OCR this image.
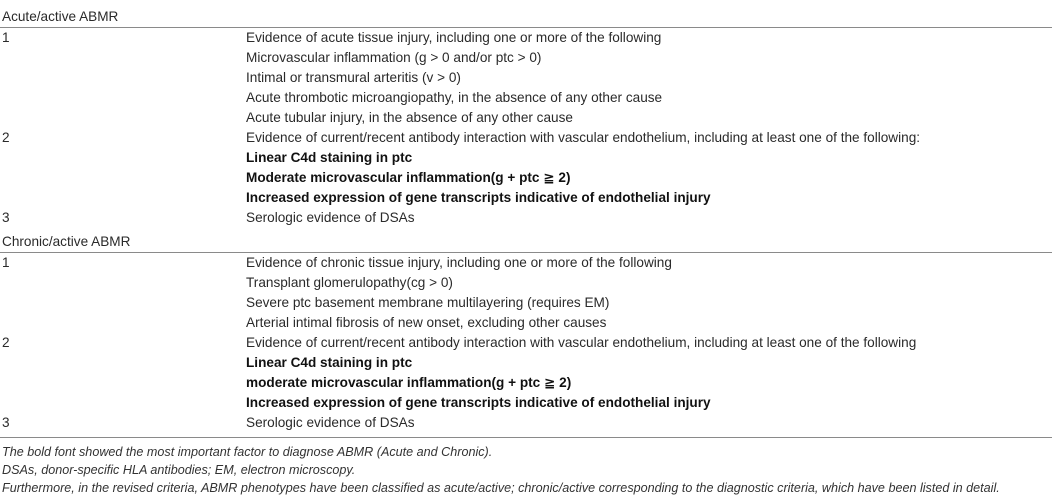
Acute/active ABMR
1	Evidence of acute tissue injury, including one or more of the following
Microvascular inflammation (g > 0 and/or ptc > 0)
Intimal or transmural arteritis (v > 0)
Acute thrombotic microangiopathy, in the absence of any other cause
Acute tubular injury, in the absence of any other cause
2	Evidence of current/recent antibody interaction with vascular endothelium, including at least one of the following:
Linear C4d staining in ptc
Moderate microvascular inflammation(g + ptc ≧ 2)
Increased expression of gene transcripts indicative of endothelial injury
3	Serologic evidence of DSAs
Chronic/active ABMR
1	Evidence of chronic tissue injury, including one or more of the following
Transplant glomerulopathy(cg > 0)
Severe ptc basement membrane multilayering (requires EM)
Arterial intimal fibrosis of new onset, excluding other causes
2	Evidence of current/recent antibody interaction with vascular endothelium, including at least one of the following
Linear C4d staining in ptc
moderate microvascular inflammation(g + ptc ≧ 2)
Increased expression of gene transcripts indicative of endothelial injury
3	Serologic evidence of DSAs
The bold font showed the most important factor to diagnose ABMR (Acute and Chronic).
DSAs, donor-specific HLA antibodies; EM, electron microscopy.
Furthermore, in the revised criteria, ABMR phenotypes have been classified as acute/active; chronic/active corresponding to the diagnostic criteria, which have been listed in detail.
